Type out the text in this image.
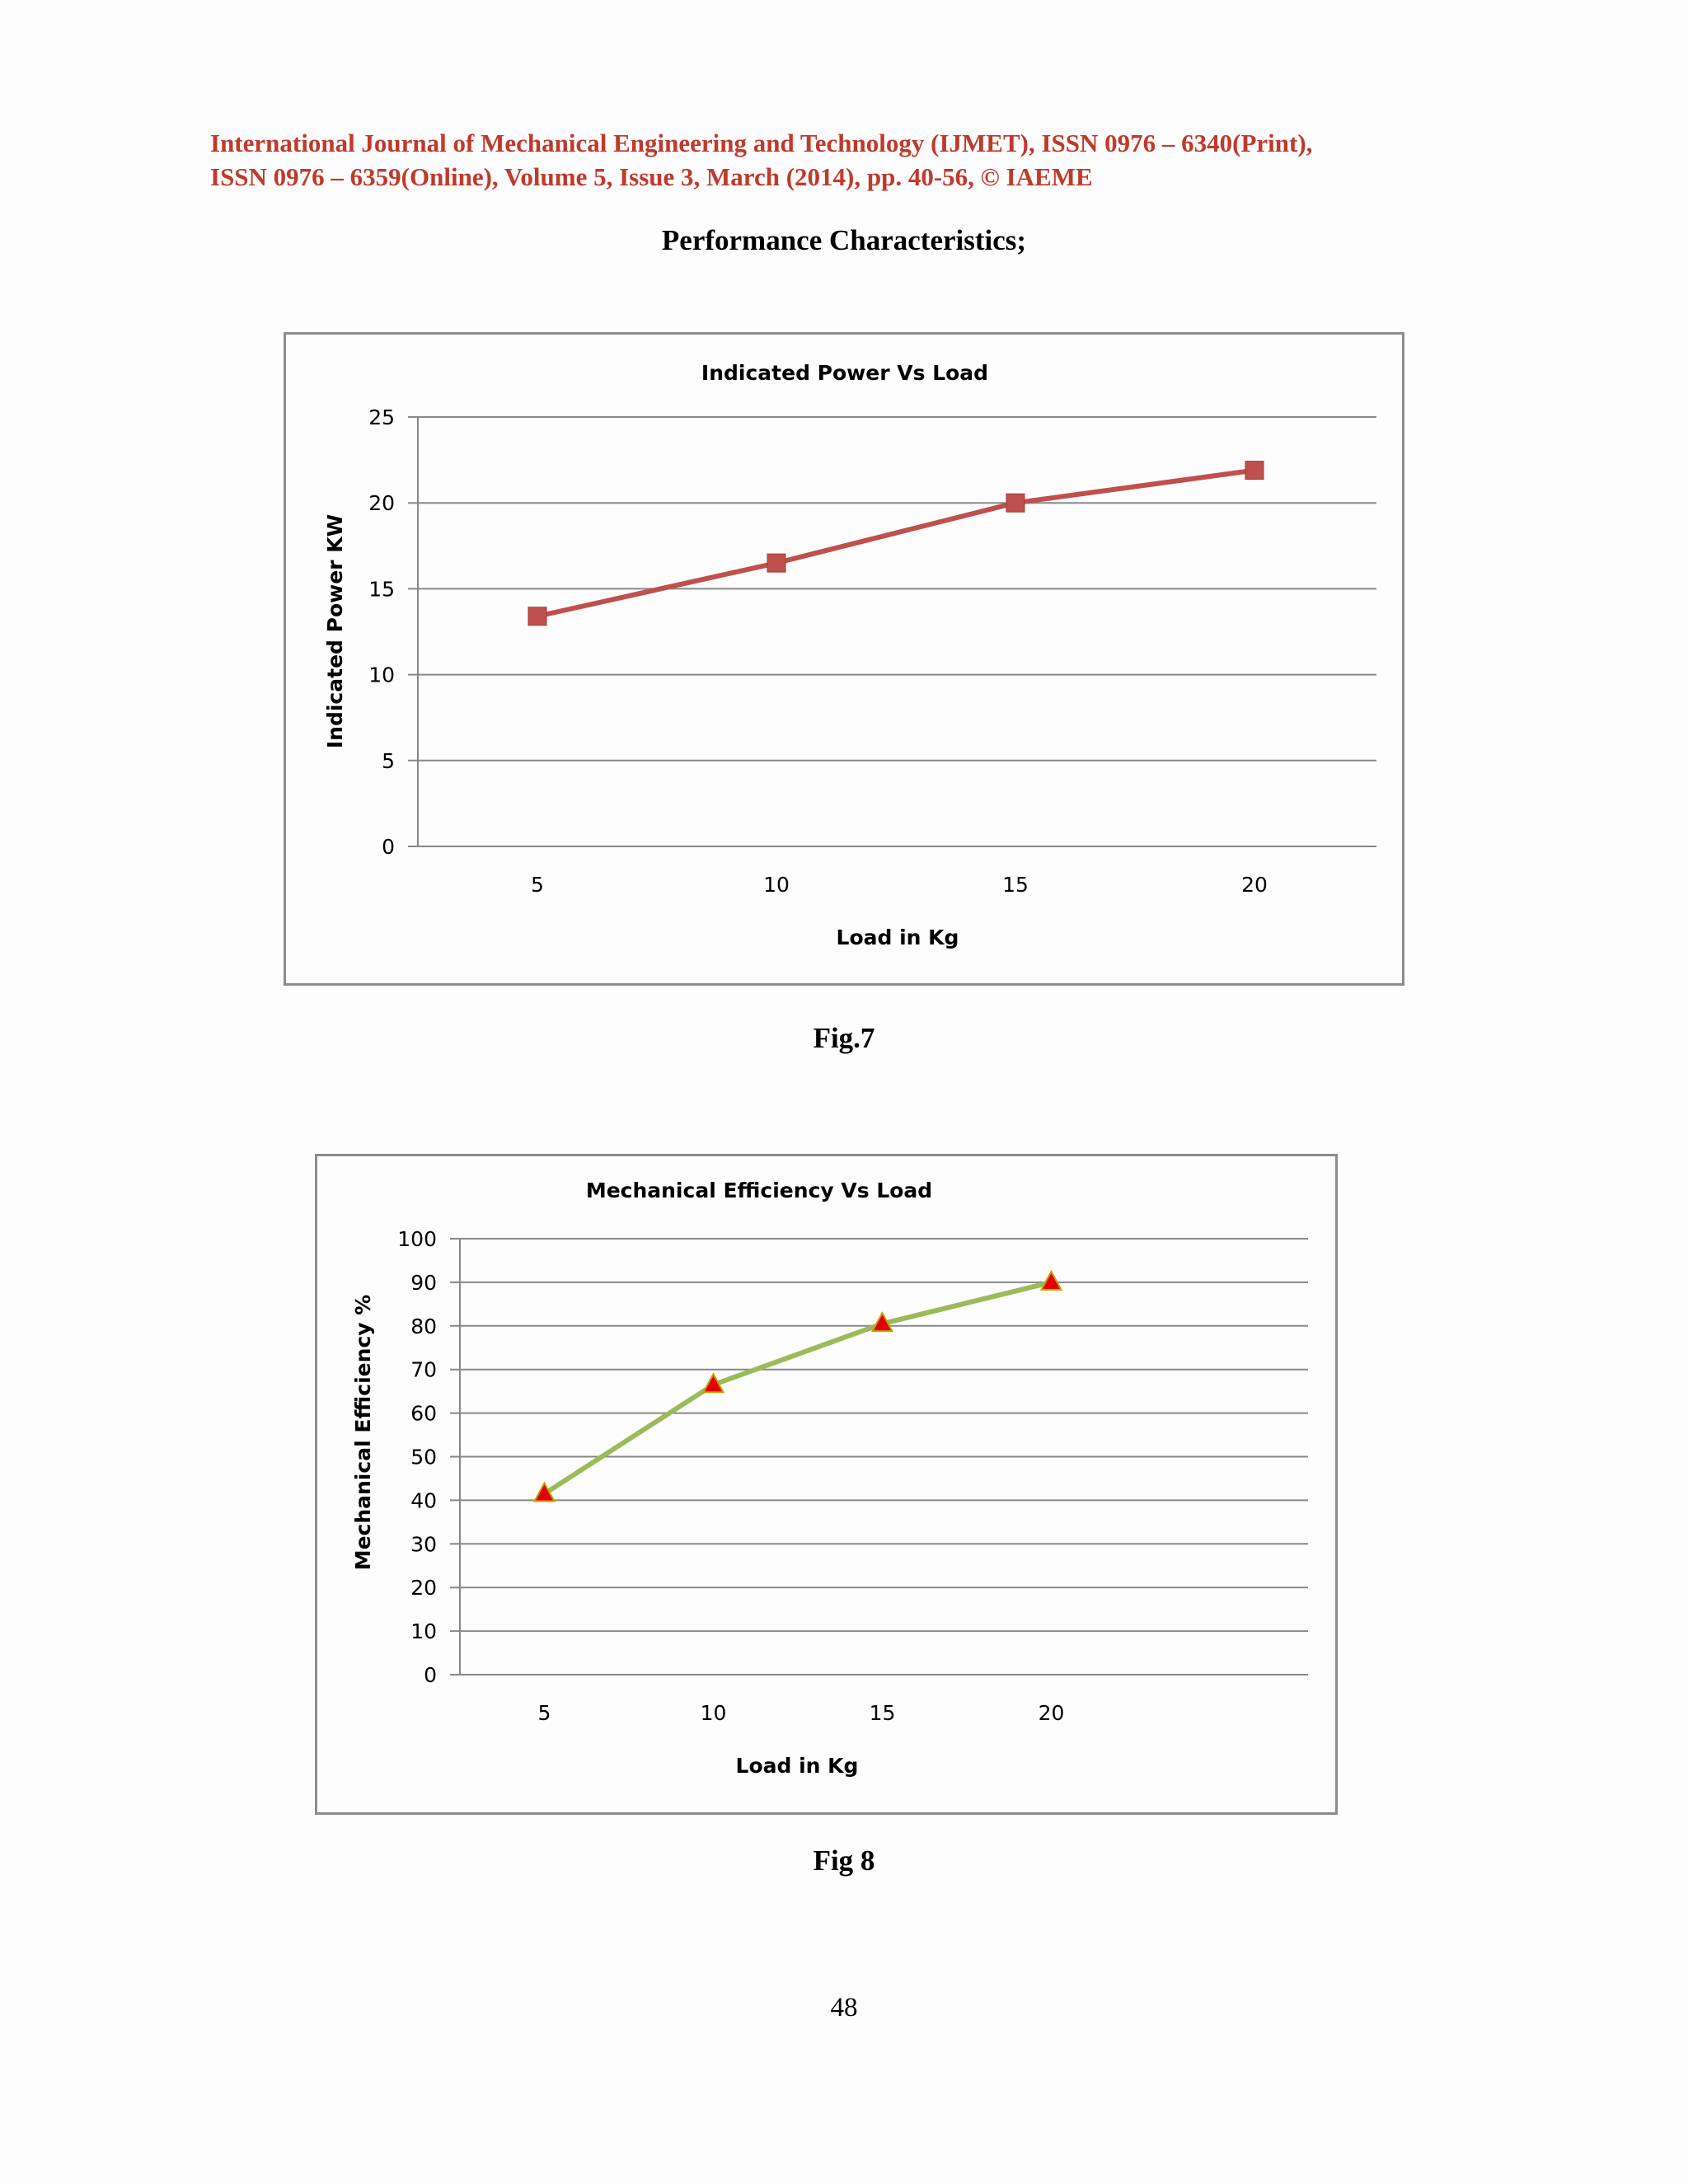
International Journal of Mechanical Engineering and Technology (IJMET), ISSN 0976 – 6340(Print),
ISSN 0976 – 6359(Online), Volume 5, Issue 3, March (2014), pp. 40-56, © IAEME
Performance Characteristics;
Indicated Power Vs Load
0
5
10
15
20
25
5	10	15	20
Load in Kg
Indicated Power KW
Fig.7
Mechanical Efficiency Vs Load
0
10
20
30
40
50
60
70
80
90
100
5	10	15	20
Load in Kg
Mechanical Efficiency %
Fig 8
48
